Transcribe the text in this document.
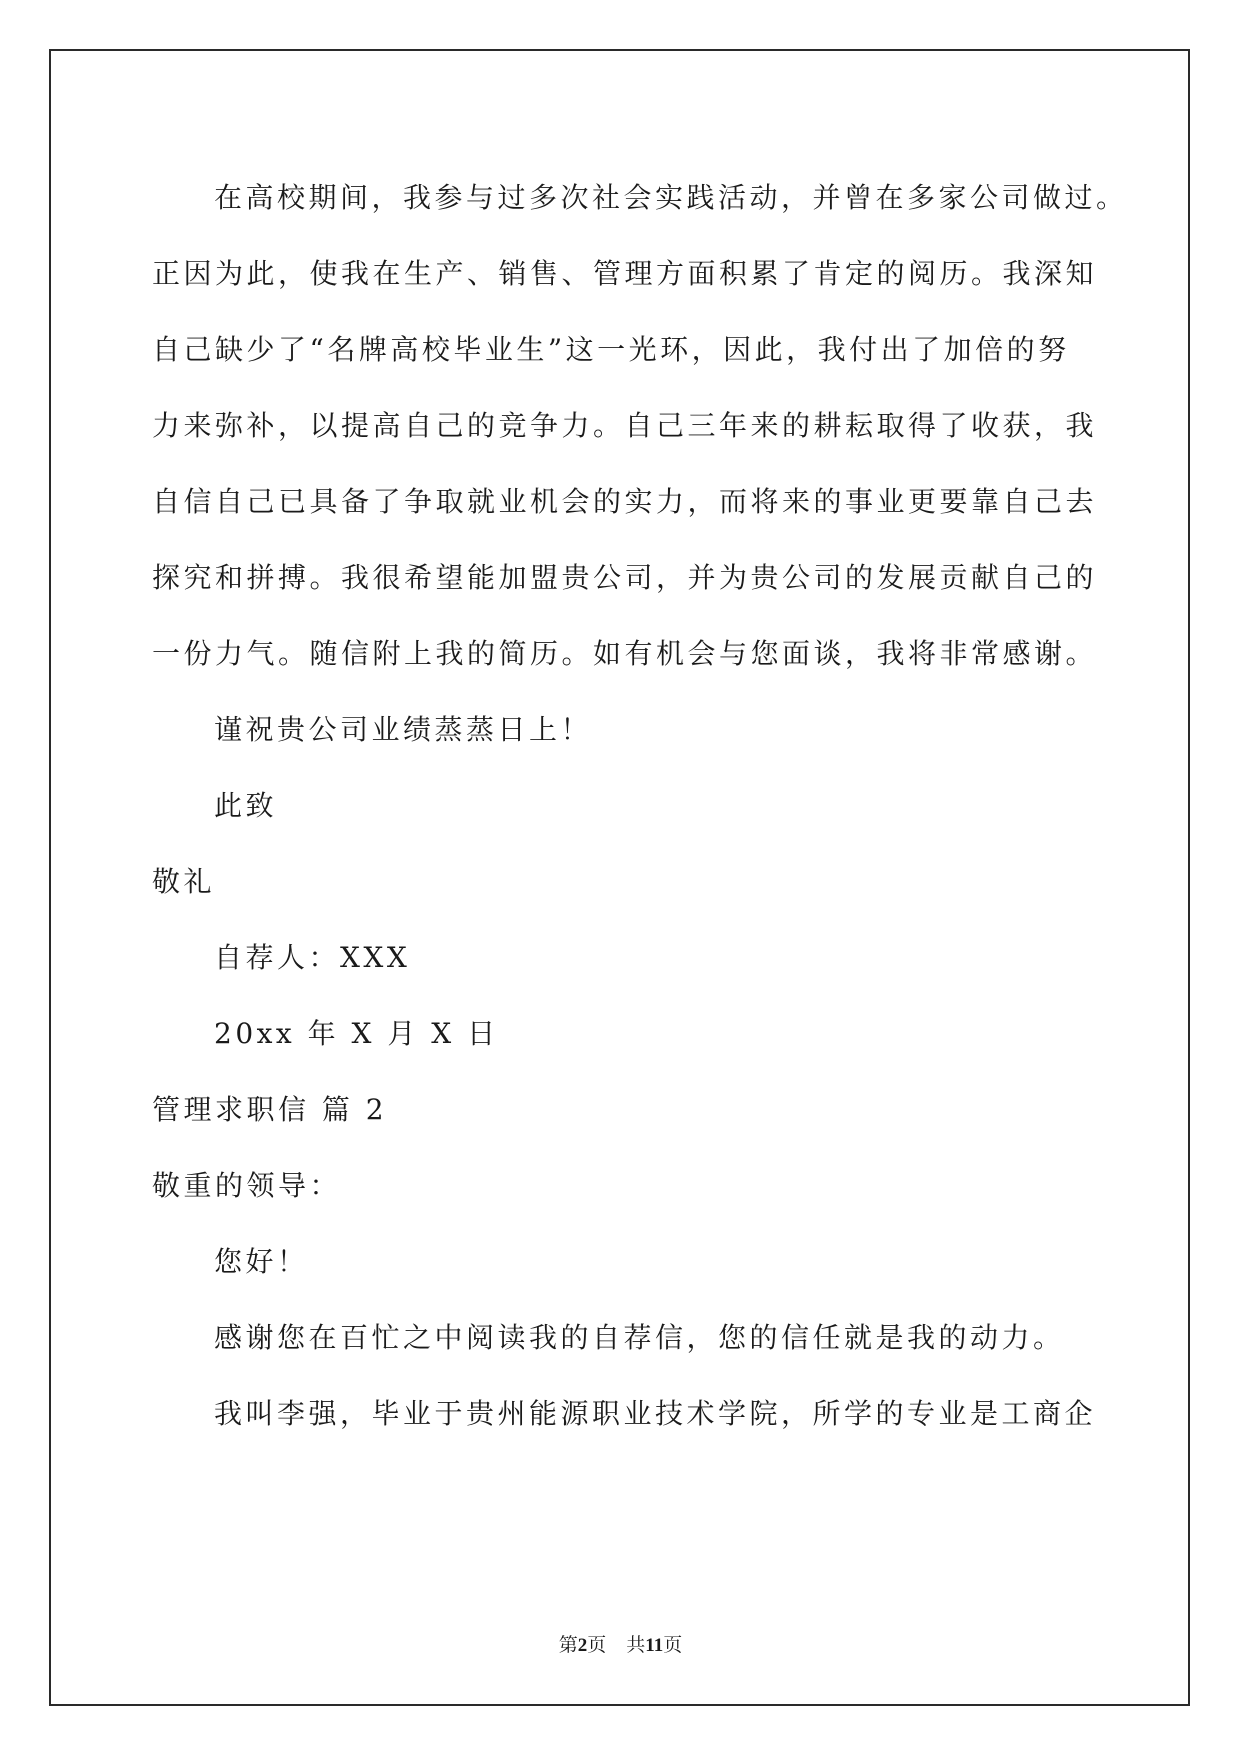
在高校期间，我参与过多次社会实践活动，并曾在多家公司做过。
正因为此，使我在生产、销售、管理方面积累了肯定的阅历。我深知
自己缺少了“名牌高校毕业生”这一光环，因此，我付出了加倍的努
力来弥补，以提高自己的竞争力。自己三年来的耕耘取得了收获，我
自信自己已具备了争取就业机会的实力，而将来的事业更要靠自己去
探究和拼搏。我很希望能加盟贵公司，并为贵公司的发展贡献自己的
一份力气。随信附上我的简历。如有机会与您面谈，我将非常感谢。
谨祝贵公司业绩蒸蒸日上！
此致
敬礼
自荐人：XXX
20xx 年 X 月 X 日
管理求职信 篇 2
敬重的领导：
您好！
感谢您在百忙之中阅读我的自荐信，您的信任就是我的动力。
我叫李强，毕业于贵州能源职业技术学院，所学的专业是工商企
第2页 共11页
